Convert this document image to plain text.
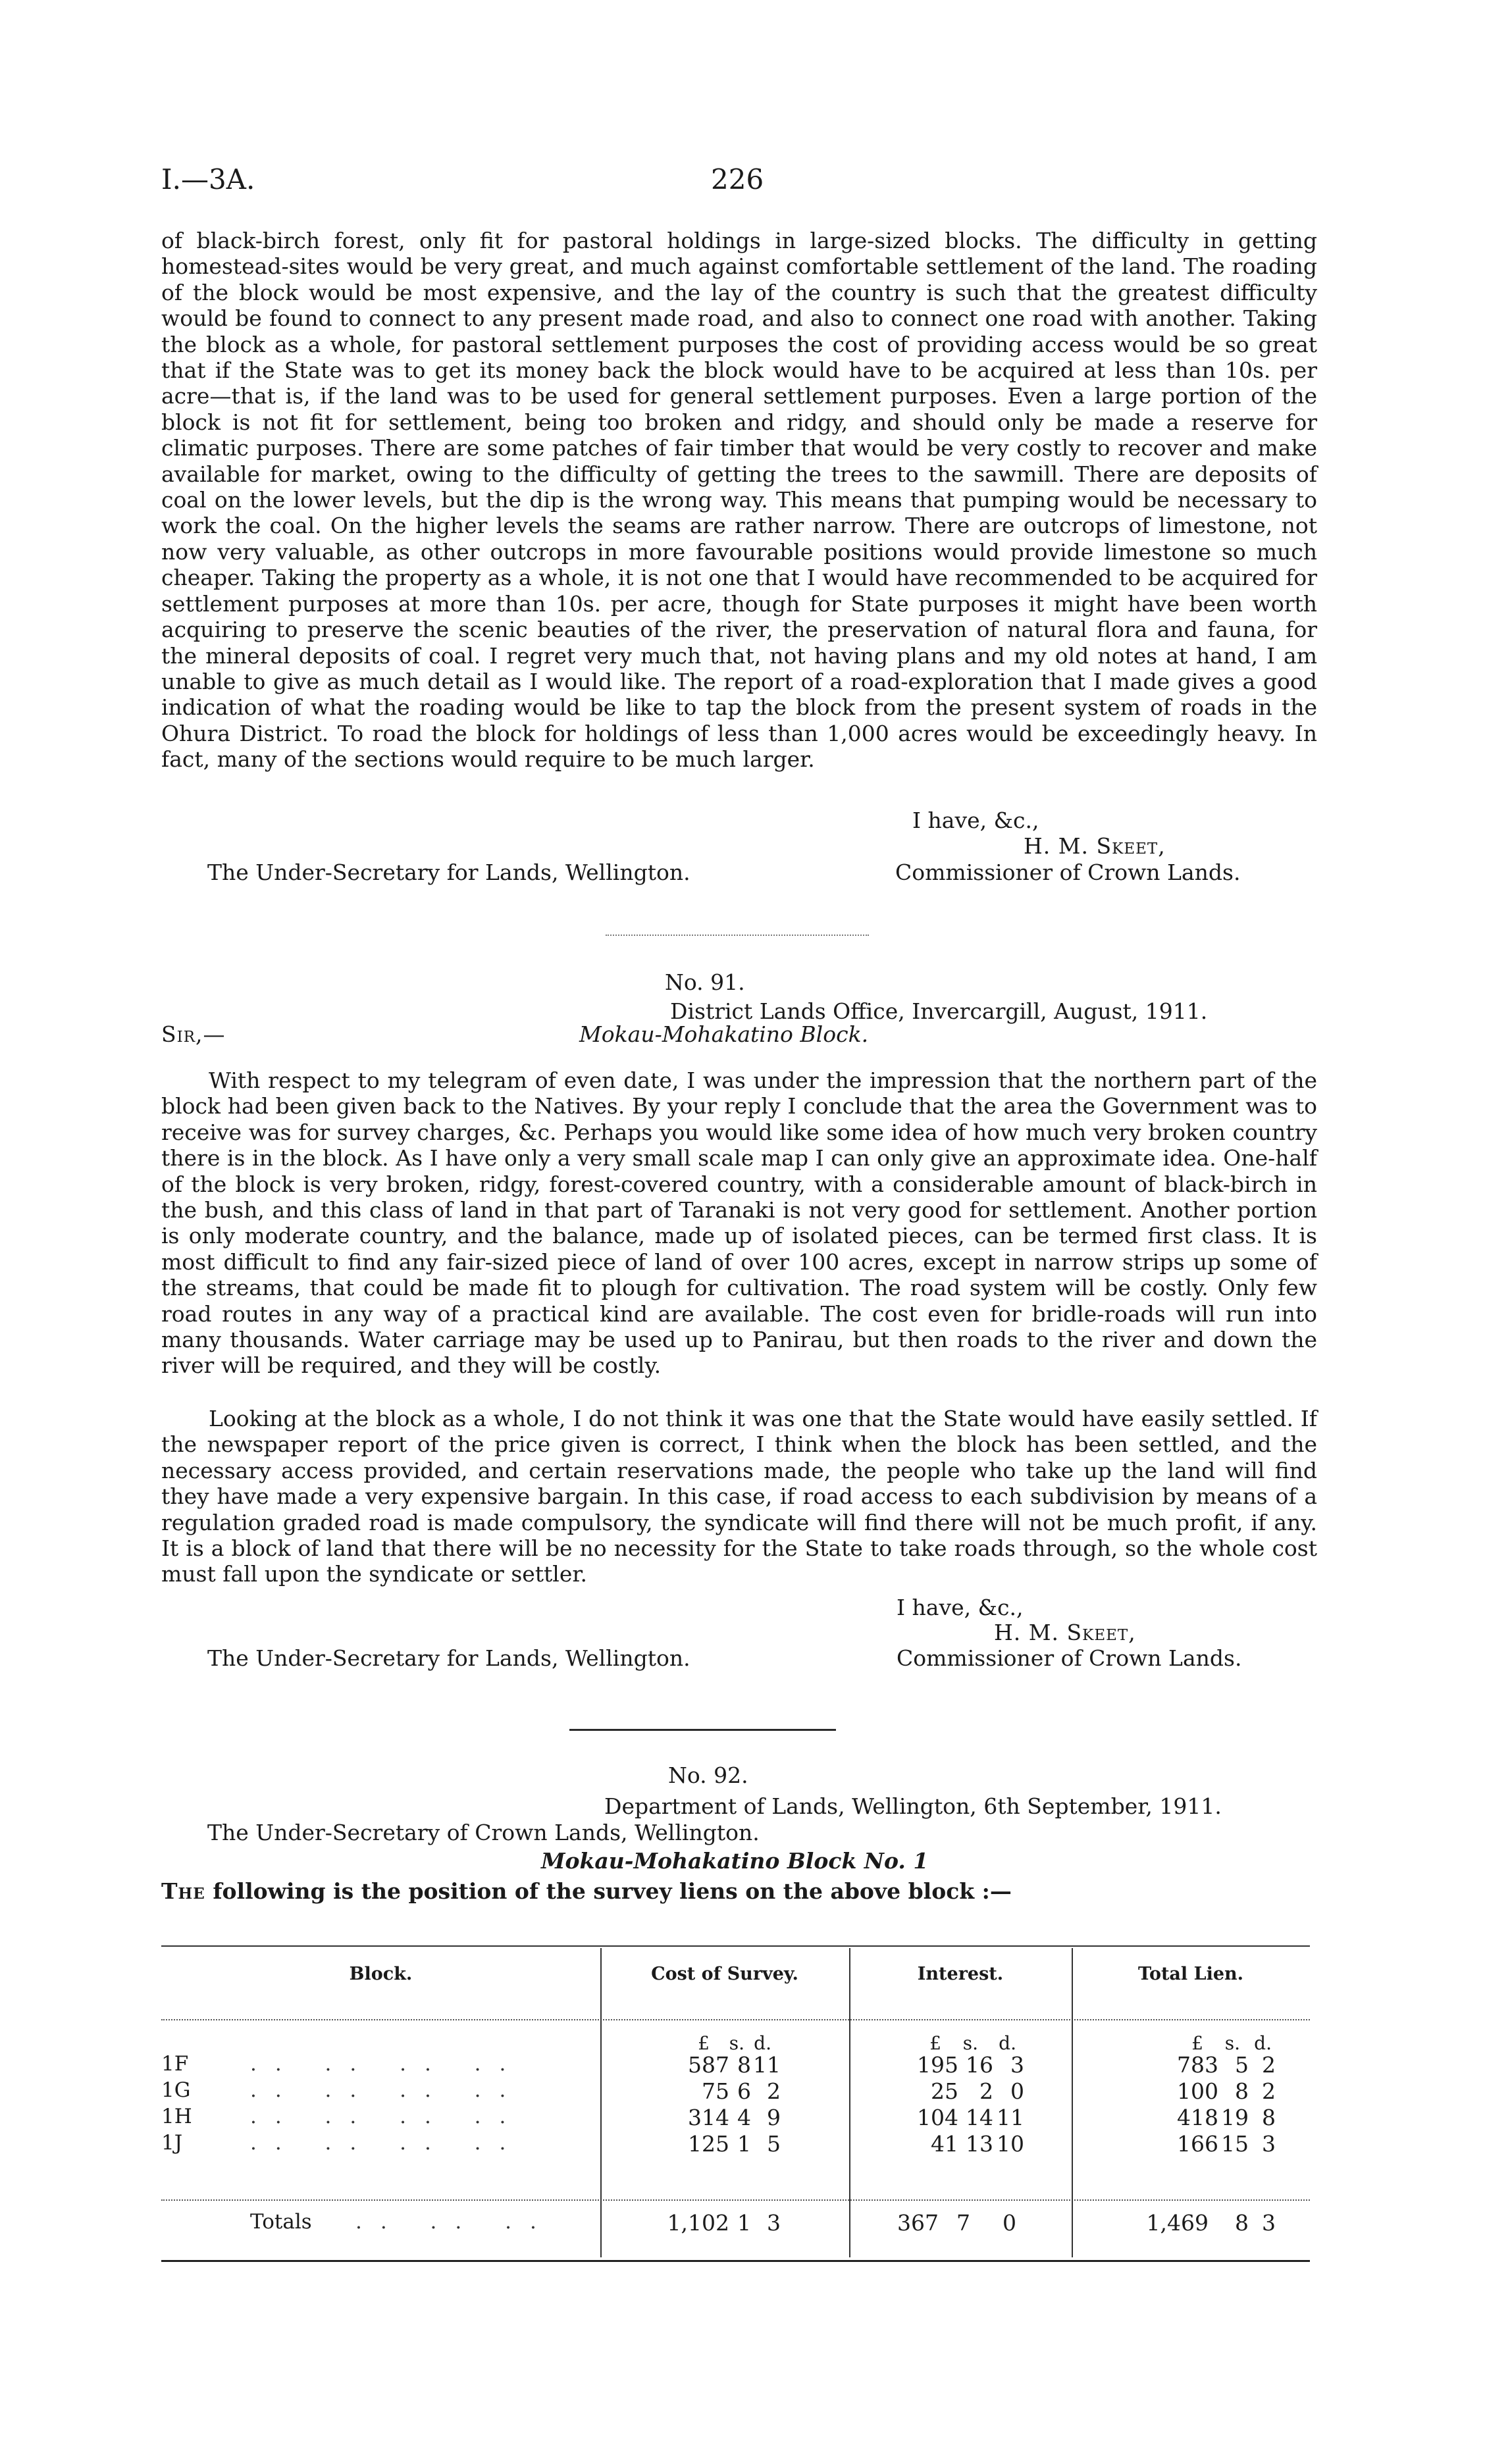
I.—3A.	226

of black-birch forest, only fit for pastoral holdings in large-sized blocks. The difficulty in getting homestead-sites would be very great, and much against comfortable settlement of the land. The roading of the block would be most expensive, and the lay of the country is such that the greatest difficulty would be found to connect to any present made road, and also to connect one road with another. Taking the block as a whole, for pastoral settlement purposes the cost of providing access would be so great that if the State was to get its money back the block would have to be acquired at less than 10s. per acre—that is, if the land was to be used for general settlement purposes. Even a large portion of the block is not fit for settlement, being too broken and ridgy, and should only be made a reserve for climatic purposes. There are some patches of fair timber that would be very costly to recover and make available for market, owing to the difficulty of getting the trees to the sawmill. There are deposits of coal on the lower levels, but the dip is the wrong way. This means that pumping would be necessary to work the coal. On the higher levels the seams are rather narrow. There are outcrops of limestone, not now very valuable, as other outcrops in more favourable positions would provide limestone so much cheaper. Taking the property as a whole, it is not one that I would have recommended to be acquired for settlement purposes at more than 10s. per acre, though for State purposes it might have been worth acquiring to preserve the scenic beauties of the river, the preservation of natural flora and fauna, for the mineral deposits of coal. I regret very much that, not having plans and my old notes at hand, I am unable to give as much detail as I would like. The report of a road-exploration that I made gives a good indication of what the roading would be like to tap the block from the present system of roads in the Ohura District. To road the block for holdings of less than 1,000 acres would be exceedingly heavy. In fact, many of the sections would require to be much larger.

I have, &c.,
H. M. Skeet,
The Under-Secretary for Lands, Wellington.	Commissioner of Crown Lands.
No. 91.
District Lands Office, Invercargill, August, 1911.
Sir,—	Mokau-Mohakatino Block.

With respect to my telegram of even date, I was under the impression that the northern part of the block had been given back to the Natives. By your reply I conclude that the area the Government was to receive was for survey charges, &c. Perhaps you would like some idea of how much very broken country there is in the block. As I have only a very small scale map I can only give an approximate idea. One-half of the block is very broken, ridgy, forest-covered country, with a considerable amount of black-birch in the bush, and this class of land in that part of Taranaki is not very good for settlement. Another portion is only moderate country, and the balance, made up of isolated pieces, can be termed first class. It is most difficult to find any fair-sized piece of land of over 100 acres, except in narrow strips up some of the streams, that could be made fit to plough for cultivation. The road system will be costly. Only few road routes in any way of a practical kind are available. The cost even for bridle-roads will run into many thousands. Water carriage may be used up to Panirau, but then roads to the river and down the river will be required, and they will be costly.

Looking at the block as a whole, I do not think it was one that the State would have easily settled. If the newspaper report of the price given is correct, I think when the block has been settled, and the necessary access provided, and certain reservations made, the people who take up the land will find they have made a very expensive bargain. In this case, if road access to each subdivision by means of a regulation graded road is made compulsory, the syndicate will find there will not be much profit, if any. It is a block of land that there will be no necessity for the State to take roads through, so the whole cost must fall upon the syndicate or settler.

I have, &c.,
H. M. Skeet,
The Under-Secretary for Lands, Wellington.	Commissioner of Crown Lands.
No. 92.
Department of Lands, Wellington, 6th September, 1911.
The Under-Secretary of Crown Lands, Wellington.
Mokau-Mohakatino Block No. 1
The following is the position of the survey liens on the above block :—
Block.	Cost of Survey.	Interest.	Total Lien.
£ s. d.	£ s. d.	£ s. d.
1F	.. .. .. ..	587 8 11	195 16 3	783 5 2
1G	.. .. .. ..	75 6 2	25 2 0	100 8 2
1H	.. .. .. ..	314 4 9	104 14 11	418 19 8
1J	.. .. .. ..	125 1 5	41 13 10	166 15 3
Totals .. .. ..	1,102 1 3	367 7 0	1,469 8 3
